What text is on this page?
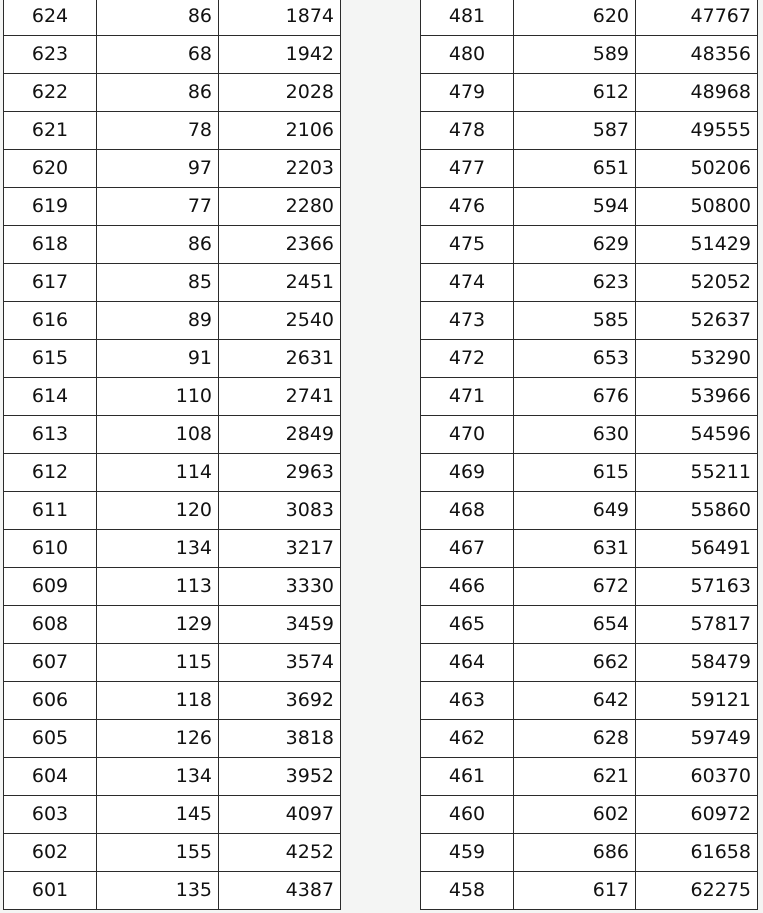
624	86	1874
623	68	1942
622	86	2028
621	78	2106
620	97	2203
619	77	2280
618	86	2366
617	85	2451
616	89	2540
615	91	2631
614	110	2741
613	108	2849
612	114	2963
611	120	3083
610	134	3217
609	113	3330
608	129	3459
607	115	3574
606	118	3692
605	126	3818
604	134	3952
603	145	4097
602	155	4252
601	135	4387
481	620	47767
480	589	48356
479	612	48968
478	587	49555
477	651	50206
476	594	50800
475	629	51429
474	623	52052
473	585	52637
472	653	53290
471	676	53966
470	630	54596
469	615	55211
468	649	55860
467	631	56491
466	672	57163
465	654	57817
464	662	58479
463	642	59121
462	628	59749
461	621	60370
460	602	60972
459	686	61658
458	617	62275
